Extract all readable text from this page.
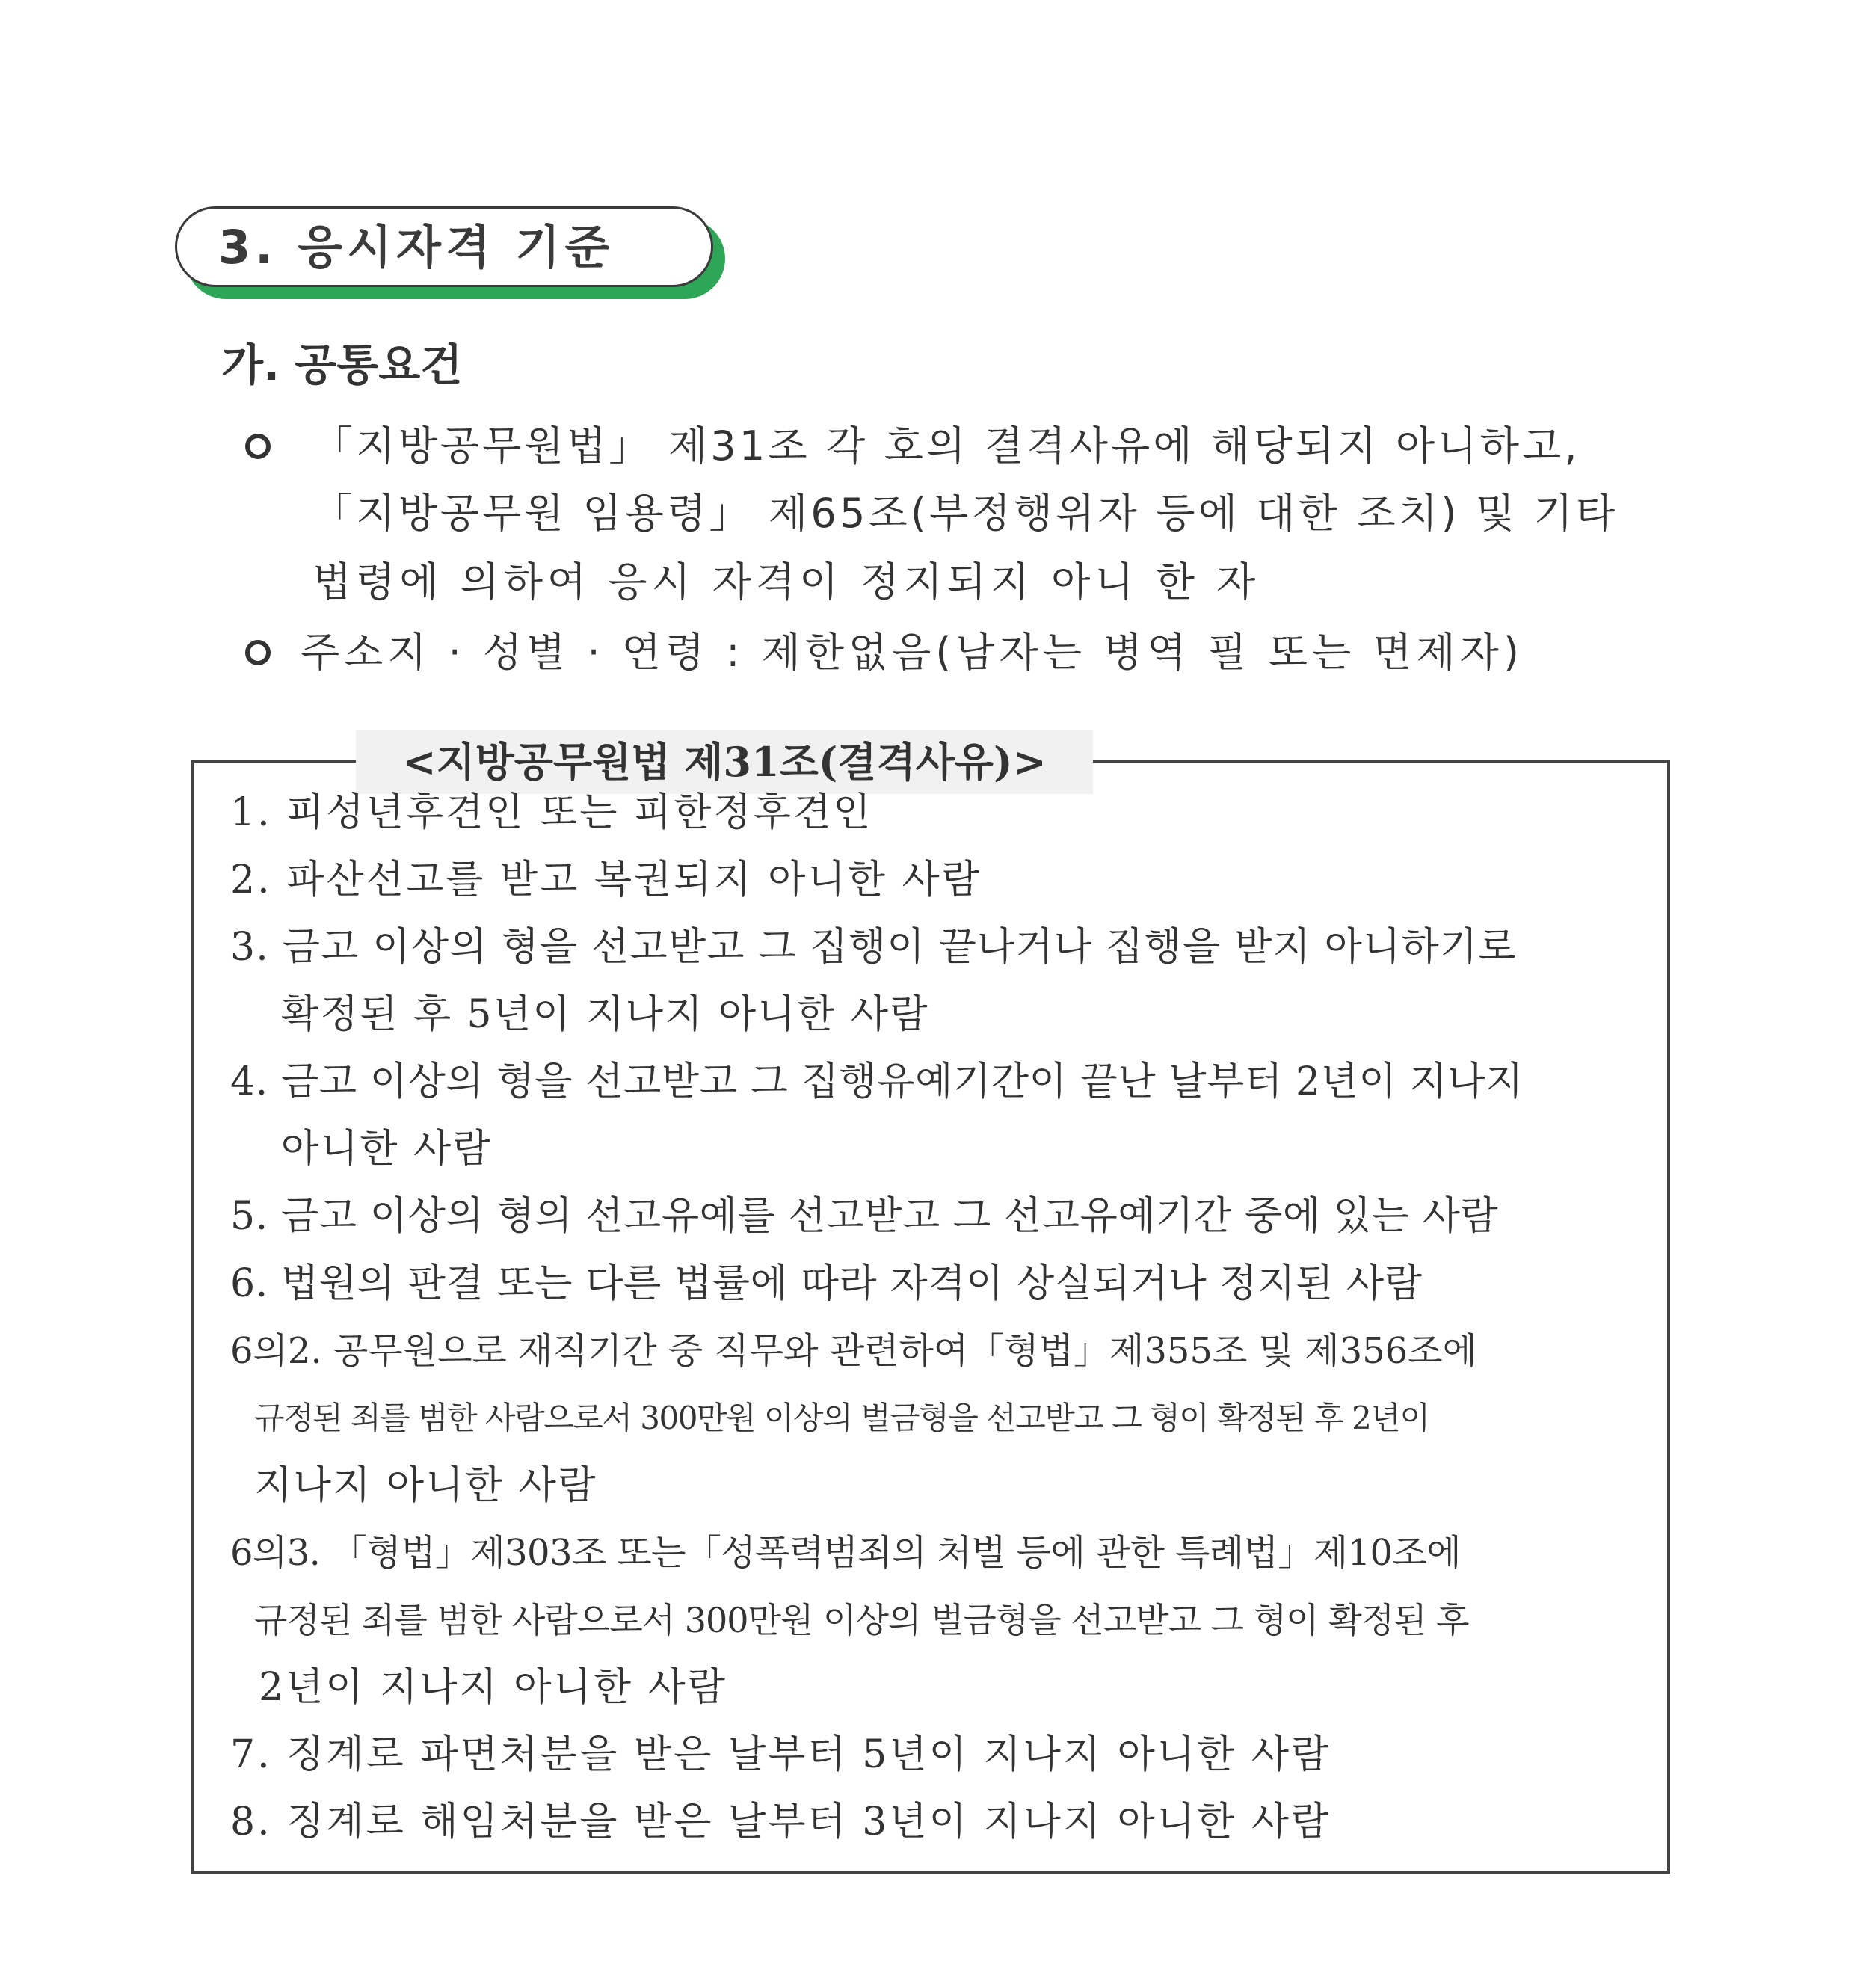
3. 응시자격 기준
가. 공통요건
「지방공무원법」 제31조 각 호의 결격사유에 해당되지 아니하고,
「지방공무원 임용령」 제65조(부정행위자 등에 대한 조치) 및 기타
법령에 의하여 응시 자격이 정지되지 아니 한 자
주소지 · 성별 · 연령 : 제한없음(남자는 병역 필 또는 면제자)
<지방공무원법 제31조(결격사유)>
1. 피성년후견인 또는 피한정후견인
2. 파산선고를 받고 복권되지 아니한 사람
3. 금고 이상의 형을 선고받고 그 집행이 끝나거나 집행을 받지 아니하기로
확정된 후 5년이 지나지 아니한 사람
4. 금고 이상의 형을 선고받고 그 집행유예기간이 끝난 날부터 2년이 지나지
아니한 사람
5. 금고 이상의 형의 선고유예를 선고받고 그 선고유예기간 중에 있는 사람
6. 법원의 판결 또는 다른 법률에 따라 자격이 상실되거나 정지된 사람
6의2. 공무원으로 재직기간 중 직무와 관련하여「형법」제355조 및 제356조에
규정된 죄를 범한 사람으로서 300만원 이상의 벌금형을 선고받고 그 형이 확정된 후 2년이
지나지 아니한 사람
6의3. 「형법」제303조 또는「성폭력범죄의 처벌 등에 관한 특례법」제10조에
규정된 죄를 범한 사람으로서 300만원 이상의 벌금형을 선고받고 그 형이 확정된 후
2년이 지나지 아니한 사람
7. 징계로 파면처분을 받은 날부터 5년이 지나지 아니한 사람
8. 징계로 해임처분을 받은 날부터 3년이 지나지 아니한 사람
